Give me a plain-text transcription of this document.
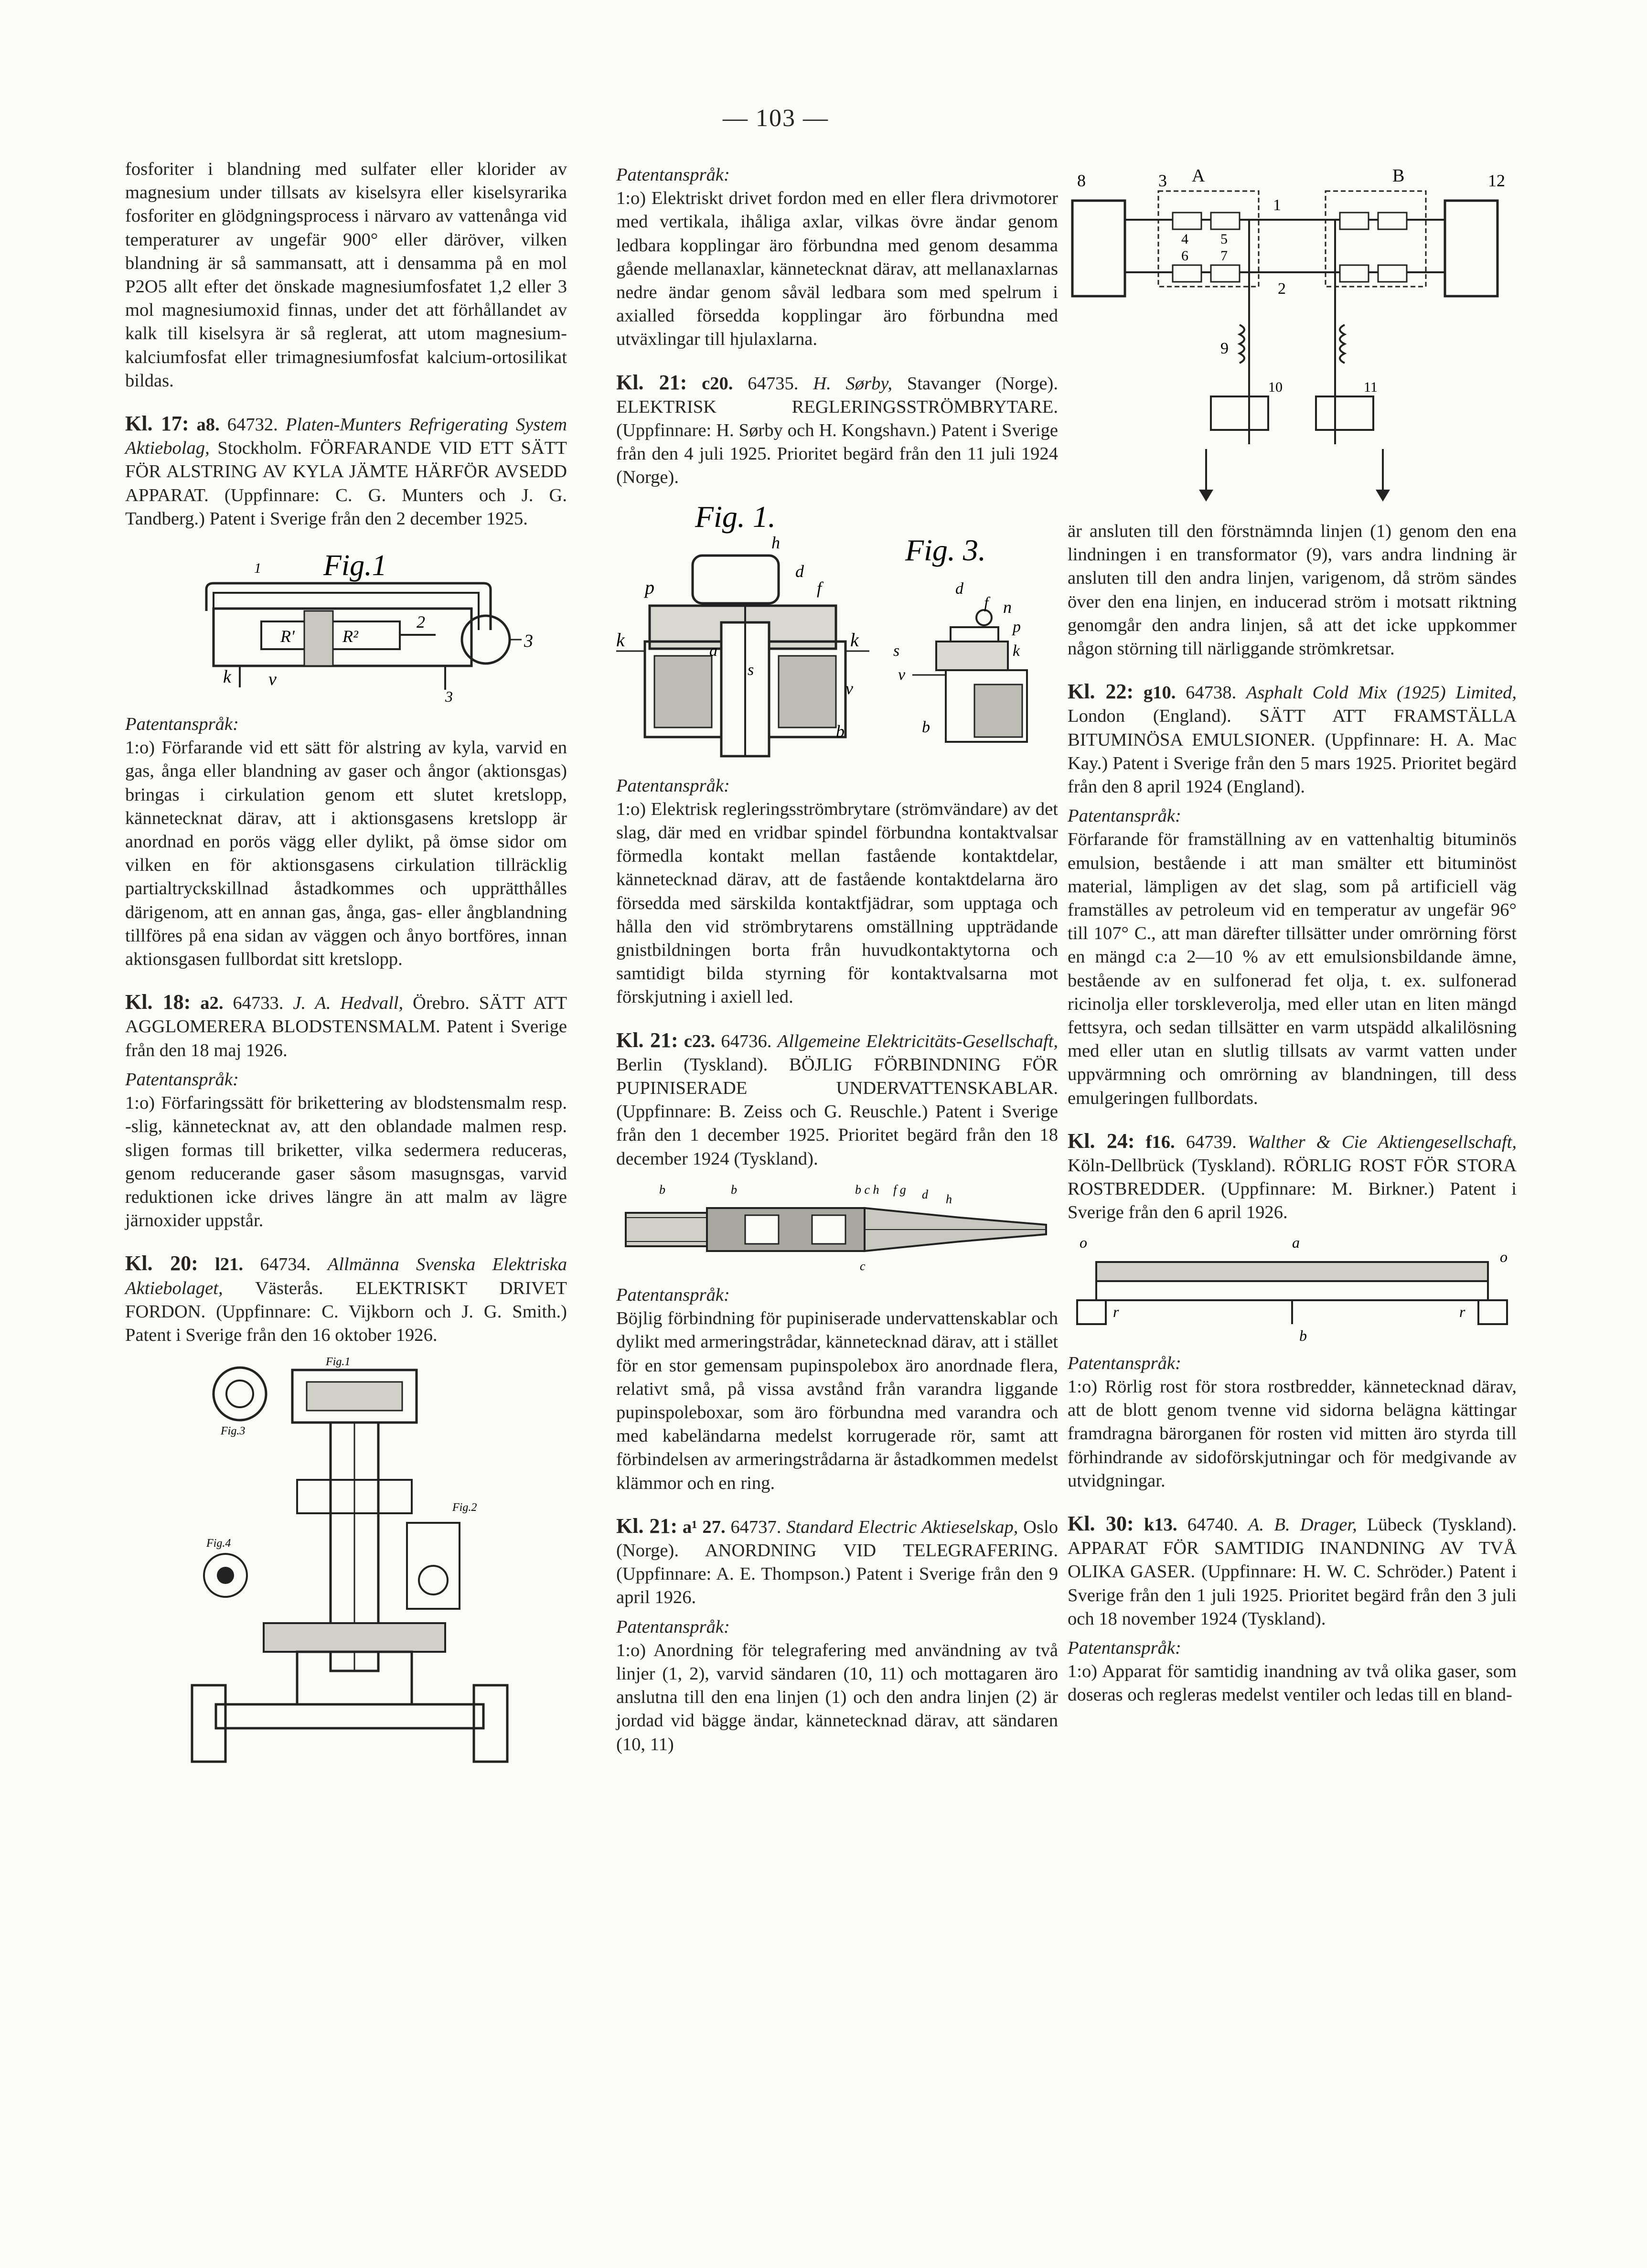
— 103 —

fosforiter i blandning med sulfater eller klorider av magnesium under tillsats av kiselsyra eller kiselsyrarika fosforiter en glödgningsprocess i närvaro av vattenånga vid temperaturer av ungefär 900° eller däröver, vilken blandning är så sammansatt, att i densamma på en mol P2O5 allt efter det önskade magnesiumfosfatet 1,2 eller 3 mol magnesiumoxid finnas, under det att förhållandet av kalk till kiselsyra är så reglerat, att utom magnesium-kalciumfosfat eller trimagnesiumfosfat kalcium-ortosilikat bildas.

Kl. 17: a8. 64732. Platen-Munters Refrigerating System Aktiebolag, Stockholm. FÖRFARANDE VID ETT SÄTT FÖR ALSTRING AV KYLA JÄMTE HÄRFÖR AVSEDD APPARAT. (Uppfinnare: C. G. Munters och J. G. Tandberg.) Patent i Sverige från den 2 december 1925.

Fig.1
R'	R²
2
3
k v
3
1

Patentanspråk:

1:o) Förfarande vid ett sätt för alstring av kyla, varvid en gas, ånga eller blandning av gaser och ångor (aktionsgas) bringas i cirkulation genom ett slutet kretslopp, kännetecknat därav, att i aktionsgasens kretslopp är anordnad en porös vägg eller dylikt, på ömse sidor om vilken en för aktionsgasens cirkulation tillräcklig partialtryckskillnad åstadkommes och upprätthålles därigenom, att en annan gas, ånga, gas- eller ångblandning tillföres på ena sidan av väggen och ånyo bortföres, innan aktionsgasen fullbordat sitt kretslopp.

Kl. 18: a2. 64733. J. A. Hedvall, Örebro. SÄTT ATT AGGLOMERERA BLODSTENSMALM. Patent i Sverige från den 18 maj 1926.

Patentanspråk:

1:o) Förfaringssätt för brikettering av blodstensmalm resp. -slig, kännetecknat av, att den oblandade malmen resp. sligen formas till briketter, vilka sedermera reduceras, genom reducerande gaser såsom masugnsgas, varvid reduktionen icke drives längre än att malm av lägre järnoxider uppstår.

Kl. 20: l21. 64734. Allmänna Svenska Elektriska Aktiebolaget, Västerås. ELEKTRISKT DRIVET FORDON. (Uppfinnare: C. Vijkborn och J. G. Smith.) Patent i Sverige från den 16 oktober 1926.

Fig.1
Fig.3
Fig.2
Fig.4

Patentanspråk:

1:o) Elektriskt drivet fordon med en eller flera drivmotorer med vertikala, ihåliga axlar, vilkas övre ändar genom ledbara kopplingar äro förbundna med genom desamma gående mellanaxlar, kännetecknat därav, att mellanaxlarnas nedre ändar genom såväl ledbara som med spelrum i axialled försedda kopplingar äro förbundna med utväxlingar till hjulaxlarna.

Kl. 21: c20. 64735. H. Sørby, Stavanger (Norge). ELEKTRISK REGLERINGSSTRÖMBRYTARE. (Uppfinnare: H. Sørby och H. Kongshavn.) Patent i Sverige från den 4 juli 1925. Prioritet begärd från den 11 juli 1924 (Norge).

Fig. 1.
Fig. 3.
h
d
f
p
k
a
s
k
v
b
d
f n
p
s	k
v
b

Patentanspråk:

1:o) Elektrisk regleringsströmbrytare (strömvändare) av det slag, där med en vridbar spindel förbundna kontaktvalsar förmedla kontakt mellan fastående kontaktdelar, kännetecknad därav, att de fastående kontaktdelarna äro försedda med särskilda kontaktfjädrar, som upptaga och hålla den vid strömbrytarens omställning uppträdande gnistbildningen borta från huvudkontaktytorna och samtidigt bilda styrning för kontaktvalsarna mot förskjutning i axiell led.

Kl. 21: c23. 64736. Allgemeine Elektricitäts-Gesellschaft, Berlin (Tyskland). BÖJLIG FÖRBINDNING FÖR PUPINISERADE UNDERVATTENSKABLAR. (Uppfinnare: B. Zeiss och G. Reuschle.) Patent i Sverige från den 1 december 1925. Prioritet begärd från den 18 december 1924 (Tyskland).

b	b	b c h f g d h
c

Patentanspråk:

Böjlig förbindning för pupiniserade undervattenskablar och dylikt med armeringstrådar, kännetecknad därav, att i stället för en stor gemensam pupinspolebox äro anordnade flera, relativt små, på vissa avstånd från varandra liggande pupinspoleboxar, som äro förbundna med varandra och med kabeländarna medelst korrugerade rör, samt att förbindelsen av armeringstrådarna är åstadkommen medelst klämmor och en ring.

Kl. 21: a¹ 27. 64737. Standard Electric Aktieselskap, Oslo (Norge). ANORDNING VID TELEGRAFERING. (Uppfinnare: A. E. Thompson.) Patent i Sverige från den 9 april 1926.

Patentanspråk:

1:o) Anordning för telegrafering med användning av två linjer (1, 2), varvid sändaren (10, 11) och mottagaren äro anslutna till den ena linjen (1) och den andra linjen (2) är jordad vid bägge ändar, kännetecknad därav, att sändaren (10, 11)

8	3 A	B
1
12
4 5
6 7
2
9
10	11

är ansluten till den förstnämnda linjen (1) genom den ena lindningen i en transformator (9), vars andra lindning är ansluten till den andra linjen, varigenom, då ström sändes över den ena linjen, en inducerad ström i motsatt riktning genomgår den andra linjen, så att det icke uppkommer någon störning till närliggande strömkretsar.

Kl. 22: g10. 64738. Asphalt Cold Mix (1925) Limited, London (England). SÄTT ATT FRAMSTÄLLA BITUMINÖSA EMULSIONER. (Uppfinnare: H. A. Mac Kay.) Patent i Sverige från den 5 mars 1925. Prioritet begärd från den 8 april 1924 (England).

Patentanspråk:

Förfarande för framställning av en vattenhaltig bituminös emulsion, bestående i att man smälter ett bituminöst material, lämpligen av det slag, som på artificiell väg framställes av petroleum vid en temperatur av ungefär 96° till 107° C., att man därefter tillsätter under omrörning först en mängd c:a 2—10 % av ett emulsionsbildande ämne, bestående av en sulfonerad fet olja, t. ex. sulfonerad ricinolja eller torskleverolja, med eller utan en liten mängd fettsyra, och sedan tillsätter en varm utspädd alkalilösning med eller utan en slutlig tillsats av varmt vatten under uppvärmning och omrörning av blandningen, till dess emulgeringen fullbordats.

Kl. 24: f16. 64739. Walther & Cie Aktiengesellschaft, Köln-Dellbrück (Tyskland). RÖRLIG ROST FÖR STORA ROSTBREDDER. (Uppfinnare: M. Birkner.) Patent i Sverige från den 6 april 1926.

o	a
o
r	r
b

Patentanspråk:

1:o) Rörlig rost för stora rostbredder, kännetecknad därav, att de blott genom tvenne vid sidorna belägna kättingar framdragna bärorganen för rosten vid mitten äro styrda till förhindrande av sidoförskjutningar och för medgivande av utvidgningar.

Kl. 30: k13. 64740. A. B. Drager, Lübeck (Tyskland). APPARAT FÖR SAMTIDIG INANDNING AV TVÅ OLIKA GASER. (Uppfinnare: H. W. C. Schröder.) Patent i Sverige från den 1 juli 1925. Prioritet begärd från den 3 juli och 18 november 1924 (Tyskland).

Patentanspråk:

1:o) Apparat för samtidig inandning av två olika gaser, som doseras och regleras medelst ventiler och ledas till en bland-
